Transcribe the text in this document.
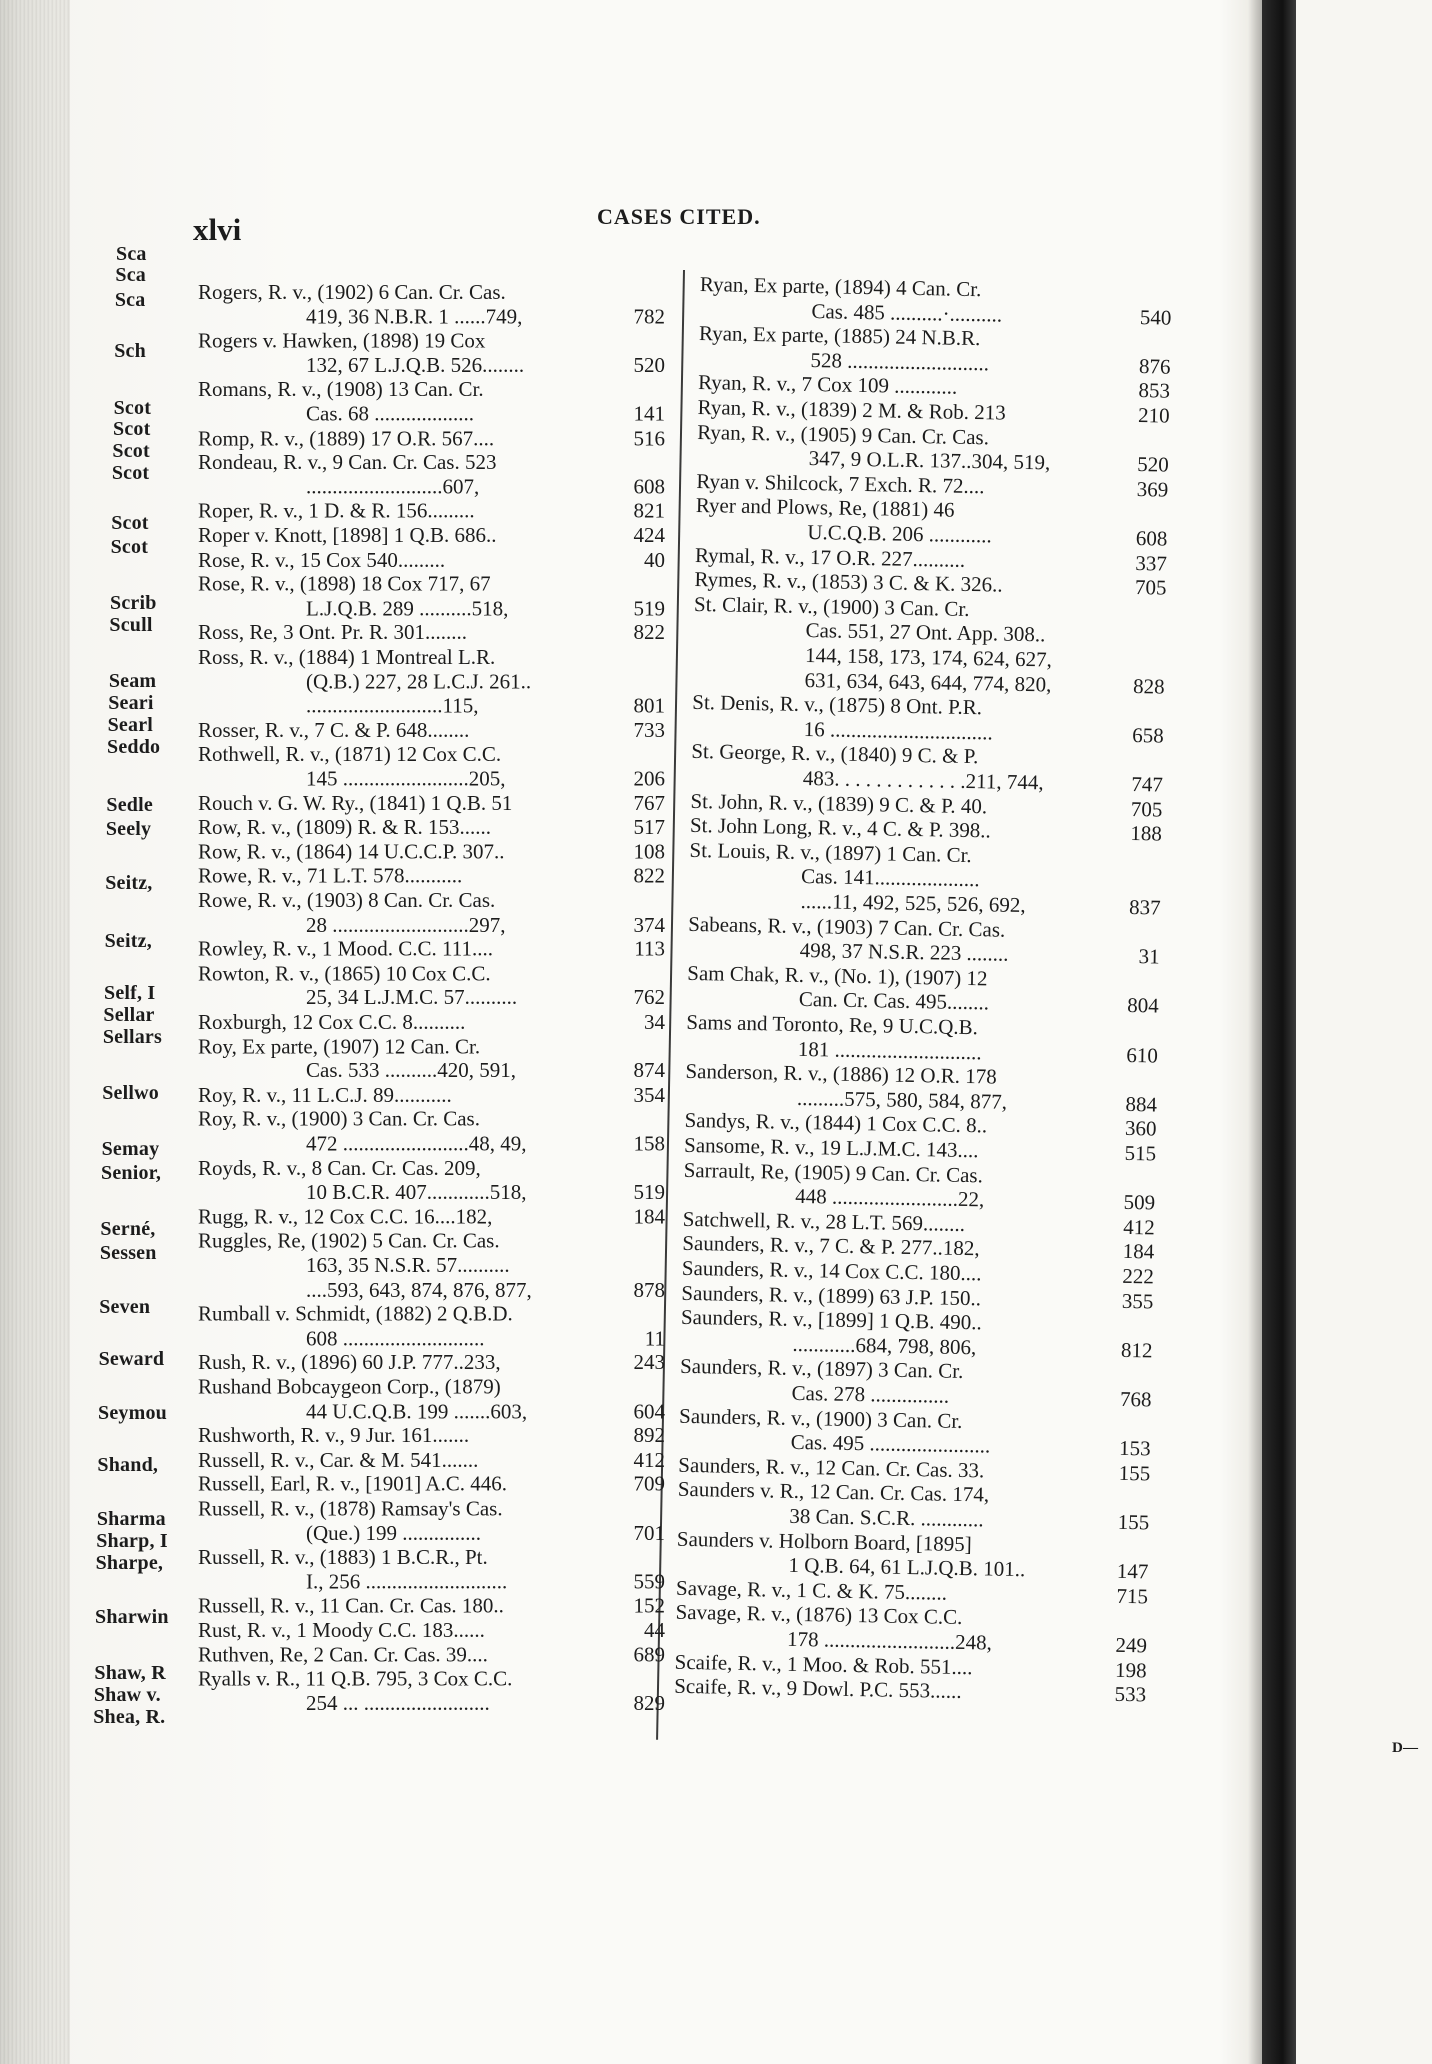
xlvi	CASES CITED.
Rogers, R. v., (1902) 6 Can. Cr. Cas.
419, 36 N.B.R. 1 ......749,	782
Rogers v. Hawken, (1898) 19 Cox
132, 67 L.J.Q.B. 526........	520
Romans, R. v., (1908) 13 Can. Cr.
Cas. 68 ...................	141
Romp, R. v., (1889) 17 O.R. 567....	516
Rondeau, R. v., 9 Can. Cr. Cas. 523
..........................607,	608
Roper, R. v., 1 D. & R. 156.........	821
Roper v. Knott, [1898] 1 Q.B. 686..	424
Rose, R. v., 15 Cox 540.........	40
Rose, R. v., (1898) 18 Cox 717, 67
L.J.Q.B. 289 ..........518,	519
Ross, Re, 3 Ont. Pr. R. 301........	822
Ross, R. v., (1884) 1 Montreal L.R.
(Q.B.) 227, 28 L.C.J. 261..
..........................115,	801
Rosser, R. v., 7 C. & P. 648........	733
Rothwell, R. v., (1871) 12 Cox C.C.
145 ........................205,	206
Rouch v. G. W. Ry., (1841) 1 Q.B. 51	767
Row, R. v., (1809) R. & R. 153......	517
Row, R. v., (1864) 14 U.C.C.P. 307..	108
Rowe, R. v., 71 L.T. 578...........	822
Rowe, R. v., (1903) 8 Can. Cr. Cas.
28 ..........................297,	374
Rowley, R. v., 1 Mood. C.C. 111....	113
Rowton, R. v., (1865) 10 Cox C.C.
25, 34 L.J.M.C. 57..........	762
Roxburgh, 12 Cox C.C. 8..........	34
Roy, Ex parte, (1907) 12 Can. Cr.
Cas. 533 ..........420, 591,	874
Roy, R. v., 11 L.C.J. 89...........	354
Roy, R. v., (1900) 3 Can. Cr. Cas.
472 ........................48, 49,	158
Royds, R. v., 8 Can. Cr. Cas. 209,
10 B.C.R. 407............518,	519
Rugg, R. v., 12 Cox C.C. 16....182,	184
Ruggles, Re, (1902) 5 Can. Cr. Cas.
163, 35 N.S.R. 57..........
....593, 643, 874, 876, 877,	878
Rumball v. Schmidt, (1882) 2 Q.B.D.
608 ...........................	11
Rush, R. v., (1896) 60 J.P. 777..233,	243
Rushand Bobcaygeon Corp., (1879)
44 U.C.Q.B. 199 .......603,	604
Rushworth, R. v., 9 Jur. 161.......	892
Russell, R. v., Car. & M. 541.......	412
Russell, Earl, R. v., [1901] A.C. 446.	709
Russell, R. v., (1878) Ramsay's Cas.
(Que.) 199 ...............	701
Russell, R. v., (1883) 1 B.C.R., Pt.
I., 256 ...........................	559
Russell, R. v., 11 Can. Cr. Cas. 180..	152
Rust, R. v., 1 Moody C.C. 183......	44
Ruthven, Re, 2 Can. Cr. Cas. 39....	689
Ryalls v. R., 11 Q.B. 795, 3 Cox C.C.
254 ... ........................	829
Ryan, Ex parte, (1894) 4 Can. Cr.
Cas. 485 ..........·..........	540
Ryan, Ex parte, (1885) 24 N.B.R.
528 ...........................	876
Ryan, R. v., 7 Cox 109 ............	853
Ryan, R. v., (1839) 2 M. & Rob. 213	210
Ryan, R. v., (1905) 9 Can. Cr. Cas.
347, 9 O.L.R. 137..304, 519,	520
Ryan v. Shilcock, 7 Exch. R. 72....	369
Ryer and Plows, Re, (1881) 46
U.C.Q.B. 206 ............	608
Rymal, R. v., 17 O.R. 227..........	337
Rymes, R. v., (1853) 3 C. & K. 326..	705
St. Clair, R. v., (1900) 3 Can. Cr.
Cas. 551, 27 Ont. App. 308..
144, 158, 173, 174, 624, 627,
631, 634, 643, 644, 774, 820,	828
St. Denis, R. v., (1875) 8 Ont. P.R.
16 ...............................	658
St. George, R. v., (1840) 9 C. & P.
483. . . . . . . . . . . . .211, 744,	747
St. John, R. v., (1839) 9 C. & P. 40.	705
St. John Long, R. v., 4 C. & P. 398..	188
St. Louis, R. v., (1897) 1 Can. Cr.
Cas. 141....................
......11, 492, 525, 526, 692,	837
Sabeans, R. v., (1903) 7 Can. Cr. Cas.
498, 37 N.S.R. 223 ........	31
Sam Chak, R. v., (No. 1), (1907) 12
Can. Cr. Cas. 495........	804
Sams and Toronto, Re, 9 U.C.Q.B.
181 ............................	610
Sanderson, R. v., (1886) 12 O.R. 178
.........575, 580, 584, 877,	884
Sandys, R. v., (1844) 1 Cox C.C. 8..	360
Sansome, R. v., 19 L.J.M.C. 143....	515
Sarrault, Re, (1905) 9 Can. Cr. Cas.
448 ........................22,	509
Satchwell, R. v., 28 L.T. 569........	412
Saunders, R. v., 7 C. & P. 277..182,	184
Saunders, R. v., 14 Cox C.C. 180....	222
Saunders, R. v., (1899) 63 J.P. 150..	355
Saunders, R. v., [1899] 1 Q.B. 490..
............684, 798, 806,	812
Saunders, R. v., (1897) 3 Can. Cr.
Cas. 278 ...............	768
Saunders, R. v., (1900) 3 Can. Cr.
Cas. 495 .......................	153
Saunders, R. v., 12 Can. Cr. Cas. 33.	155
Saunders v. R., 12 Can. Cr. Cas. 174,
38 Can. S.C.R. ............	155
Saunders v. Holborn Board, [1895]
1 Q.B. 64, 61 L.J.Q.B. 101..	147
Savage, R. v., 1 C. & K. 75........	715
Savage, R. v., (1876) 13 Cox C.C.
178 .........................248,	249
Scaife, R. v., 1 Moo. & Rob. 551....	198
Scaife, R. v., 9 Dowl. P.C. 553......	533
Sca
Sca
Sca
Sch
Scot
Scot
Scot
Scot
Scot
Scot
Scrib
Scull
Seam
Seari
Searl
Seddo
Sedle
Seely
Seitz,
Seitz,
Self, I
Sellar
Sellars
Sellwo
Semay
Senior,
Serné,
Sessen
Seven
Seward
Seymou
Shand,
Sharma
Sharp, I
Sharpe,
Sharwin
Shaw, R
Shaw v.
Shea, R.
D—
